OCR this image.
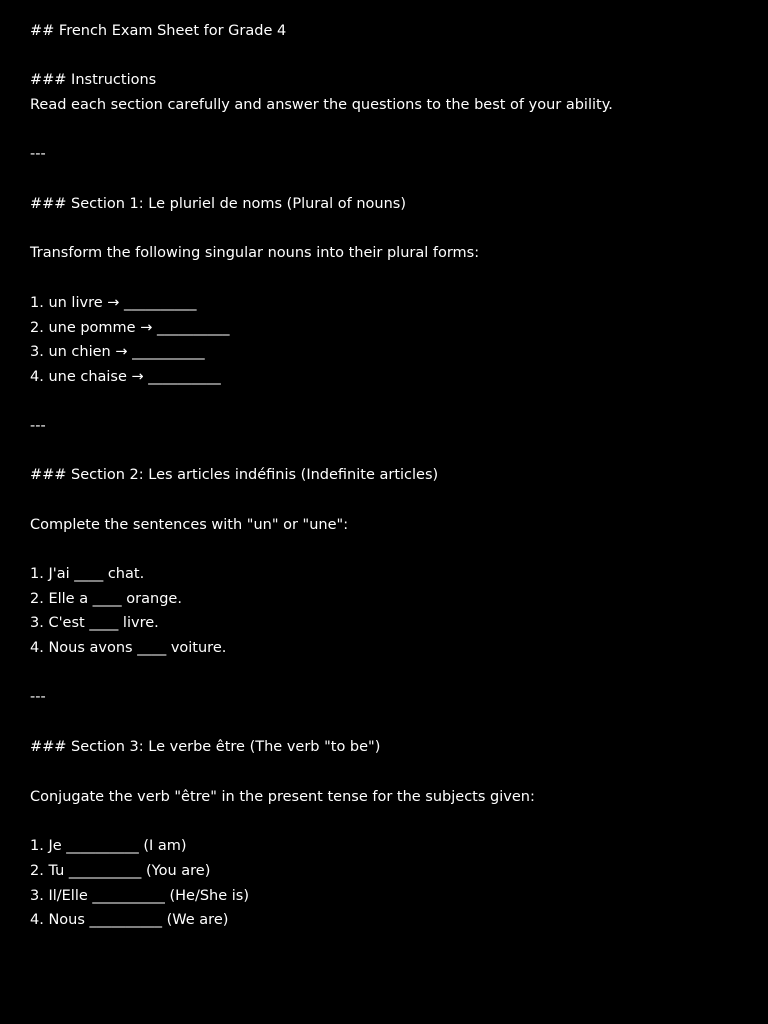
## French Exam Sheet for Grade 4
### Instructions
Read each section carefully and answer the questions to the best of your ability.
---
### Section 1: Le pluriel de noms (Plural of nouns)
Transform the following singular nouns into their plural forms:
1. un livre → __________
2. une pomme → __________
3. un chien → __________
4. une chaise → __________
---
### Section 2: Les articles indéfinis (Indefinite articles)
Complete the sentences with "un" or "une":
1. J'ai ____ chat.
2. Elle a ____ orange.
3. C'est ____ livre.
4. Nous avons ____ voiture.
---
### Section 3: Le verbe être (The verb "to be")
Conjugate the verb "être" in the present tense for the subjects given:
1. Je __________ (I am)
2. Tu __________ (You are)
3. Il/Elle __________ (He/She is)
4. Nous __________ (We are)
